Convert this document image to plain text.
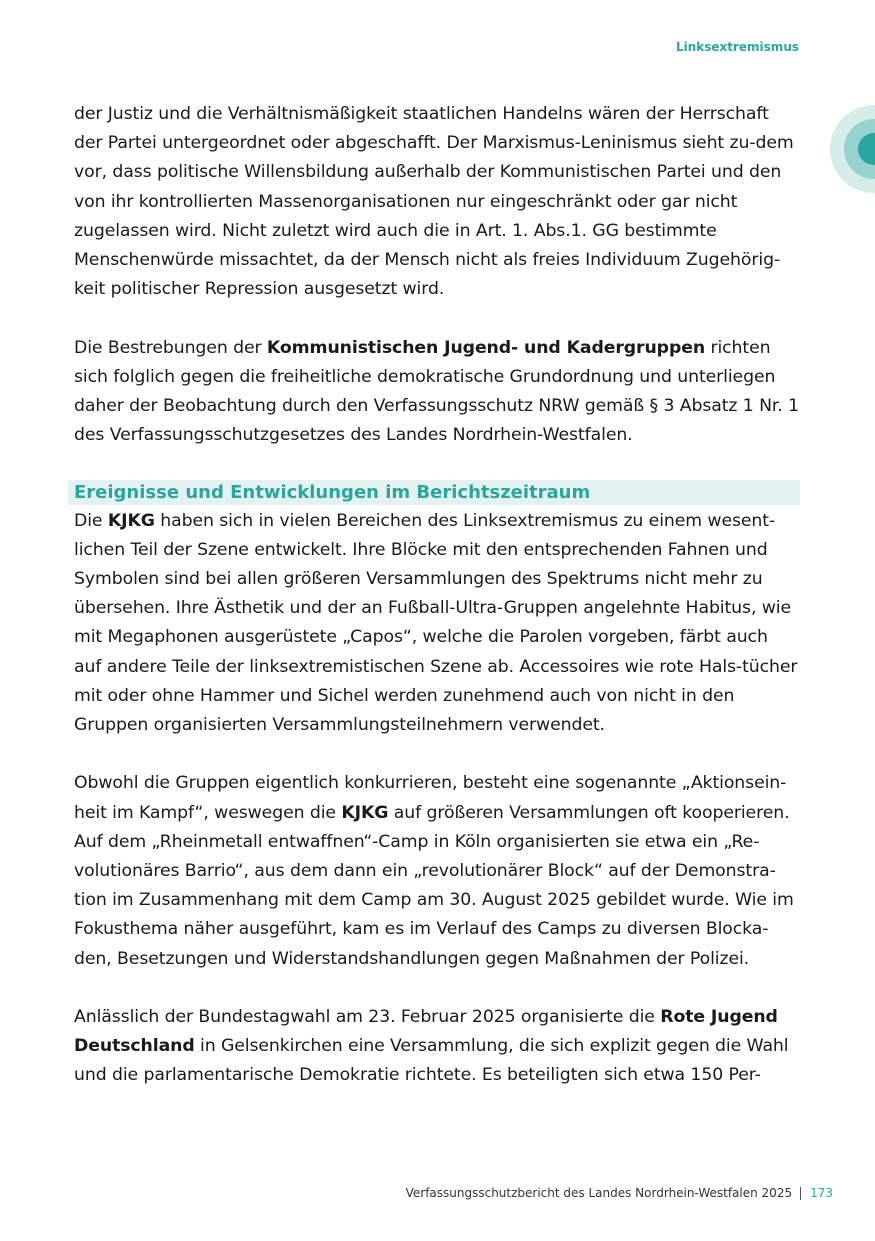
Linksextremismus

der Justiz und die Verhältnismäßigkeit staatlichen Handelns wären der Herrschaft der Partei untergeordnet oder abgeschafft. Der Marxismus-Leninismus sieht zu-dem vor, dass politische Willensbildung außerhalb der Kommunistischen Partei und den von ihr kontrollierten Massenorganisationen nur eingeschränkt oder gar nicht zugelassen wird. Nicht zuletzt wird auch die in Art. 1. Abs.1. GG bestimmte Menschenwürde missachtet, da der Mensch nicht als freies Individuum Zugehörig-keit politischer Repression ausgesetzt wird.

Die Bestrebungen der Kommunistischen Jugend- und Kadergruppen richten sich folglich gegen die freiheitliche demokratische Grundordnung und unterliegen daher der Beobachtung durch den Verfassungsschutz NRW gemäß § 3 Absatz 1 Nr. 1 des Verfassungsschutzgesetzes des Landes Nordrhein-Westfalen.

Ereignisse und Entwicklungen im Berichtszeitraum

Die KJKG haben sich in vielen Bereichen des Linksextremismus zu einem wesent-lichen Teil der Szene entwickelt. Ihre Blöcke mit den entsprechenden Fahnen und Symbolen sind bei allen größeren Versammlungen des Spektrums nicht mehr zu übersehen. Ihre Ästhetik und der an Fußball-Ultra-Gruppen angelehnte Habitus, wie mit Megaphonen ausgerüstete „Capos“, welche die Parolen vorgeben, färbt auch auf andere Teile der linksextremistischen Szene ab. Accessoires wie rote Hals-tücher mit oder ohne Hammer und Sichel werden zunehmend auch von nicht in den Gruppen organisierten Versammlungsteilnehmern verwendet.

Obwohl die Gruppen eigentlich konkurrieren, besteht eine sogenannte „Aktionsein-heit im Kampf“, weswegen die KJKG auf größeren Versammlungen oft kooperieren. Auf dem „Rheinmetall entwaffnen“-Camp in Köln organisierten sie etwa ein „Re-volutionäres Barrio“, aus dem dann ein „revolutionärer Block“ auf der Demonstra-tion im Zusammenhang mit dem Camp am 30. August 2025 gebildet wurde. Wie im Fokusthema näher ausgeführt, kam es im Verlauf des Camps zu diversen Blocka-den, Besetzungen und Widerstandshandlungen gegen Maßnahmen der Polizei.

Anlässlich der Bundestagwahl am 23. Februar 2025 organisierte die Rote Jugend Deutschland in Gelsenkirchen eine Versammlung, die sich explizit gegen die Wahl und die parlamentarische Demokratie richtete. Es beteiligten sich etwa 150 Per-

Verfassungsschutzbericht des Landes Nordrhein-Westfalen 2025 173
